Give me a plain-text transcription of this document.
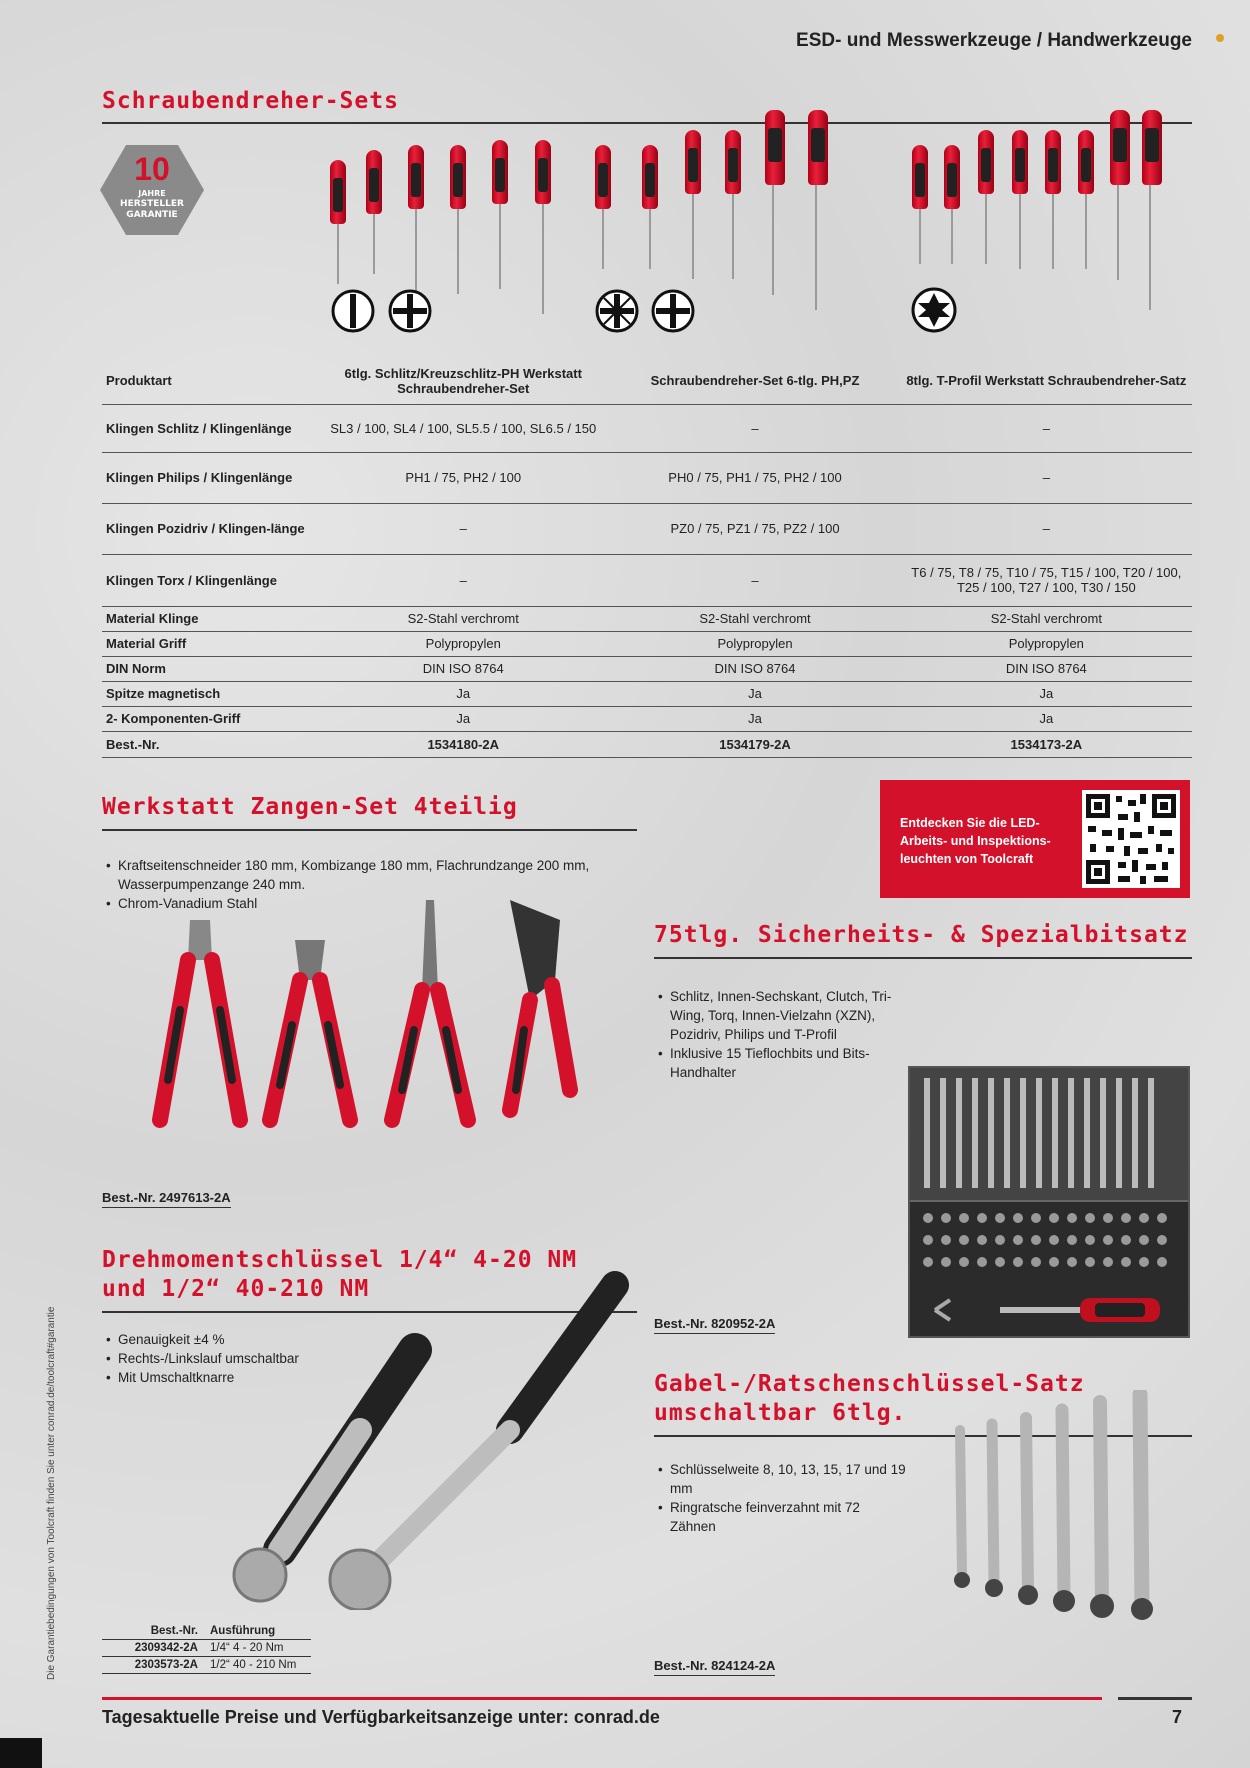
ESD- und Messwerkzeuge / Handwerkzeuge
Schraubendreher-Sets
10
JAHRE
HERSTELLER
GARANTIE
Produktart	6tlg. Schlitz/Kreuzschlitz-PH Werkstatt Schraubendreher-Set	Schraubendreher-Set 6-tlg. PH,PZ	8tlg. T-Profil Werkstatt Schraubendreher-Satz
Klingen Schlitz / Klingenlänge	SL3 / 100, SL4 / 100, SL5.5 / 100, SL6.5 / 150	–	–
Klingen Philips / Klingenlänge	PH1 / 75, PH2 / 100	PH0 / 75, PH1 / 75, PH2 / 100	–
Klingen Pozidriv / Klingen-länge	–	PZ0 / 75, PZ1 / 75, PZ2 / 100	–
Klingen Torx / Klingenlänge	–	–	T6 / 75, T8 / 75, T10 / 75, T15 / 100, T20 / 100, T25 / 100, T27 / 100, T30 / 150
Material Klinge	S2-Stahl verchromt	S2-Stahl verchromt	S2-Stahl verchromt
Material Griff	Polypropylen	Polypropylen	Polypropylen
DIN Norm	DIN ISO 8764	DIN ISO 8764	DIN ISO 8764
Spitze magnetisch	Ja	Ja	Ja
2- Komponenten-Griff	Ja	Ja	Ja
Best.-Nr.	1534180-2A	1534179-2A	1534173-2A
Werkstatt Zangen-Set 4teilig
• Kraftseitenschneider 180 mm, Kombizange 180 mm, Flachrundzange 200 mm, Wasserpumpenzange 240 mm.
• Chrom-Vanadium Stahl
Best.-Nr. 2497613-2A
Entdecken Sie die LED-Arbeits- und Inspektions-leuchten von Toolcraft
75tlg. Sicherheits- & Spezialbitsatz
• Schlitz, Innen-Sechskant, Clutch, Tri-Wing, Torq, Innen-Vielzahn (XZN), Pozidriv, Philips und T-Profil
• Inklusive 15 Tieflochbits und Bits-Handhalter
Best.-Nr. 820952-2A
Drehmomentschlüssel 1/4“ 4-20 NM
und 1/2“ 40-210 NM
• Genauigkeit ±4 %
• Rechts-/Linkslauf umschaltbar
• Mit Umschaltknarre
Best.-Nr.	Ausführung
2309342-2A	1/4“ 4 - 20 Nm
2303573-2A	1/2“ 40 - 210 Nm
Gabel-/Ratschenschlüssel-Satz
umschaltbar 6tlg.
• Schlüsselweite 8, 10, 13, 15, 17 und 19 mm
• Ringratsche feinverzahnt mit 72 Zähnen
Best.-Nr. 824124-2A
Die Garantiebedingungen von Toolcraft finden Sie unter conrad.de/toolcraft#garantie
Tagesaktuelle Preise und Verfügbarkeitsanzeige unter: conrad.de	7
